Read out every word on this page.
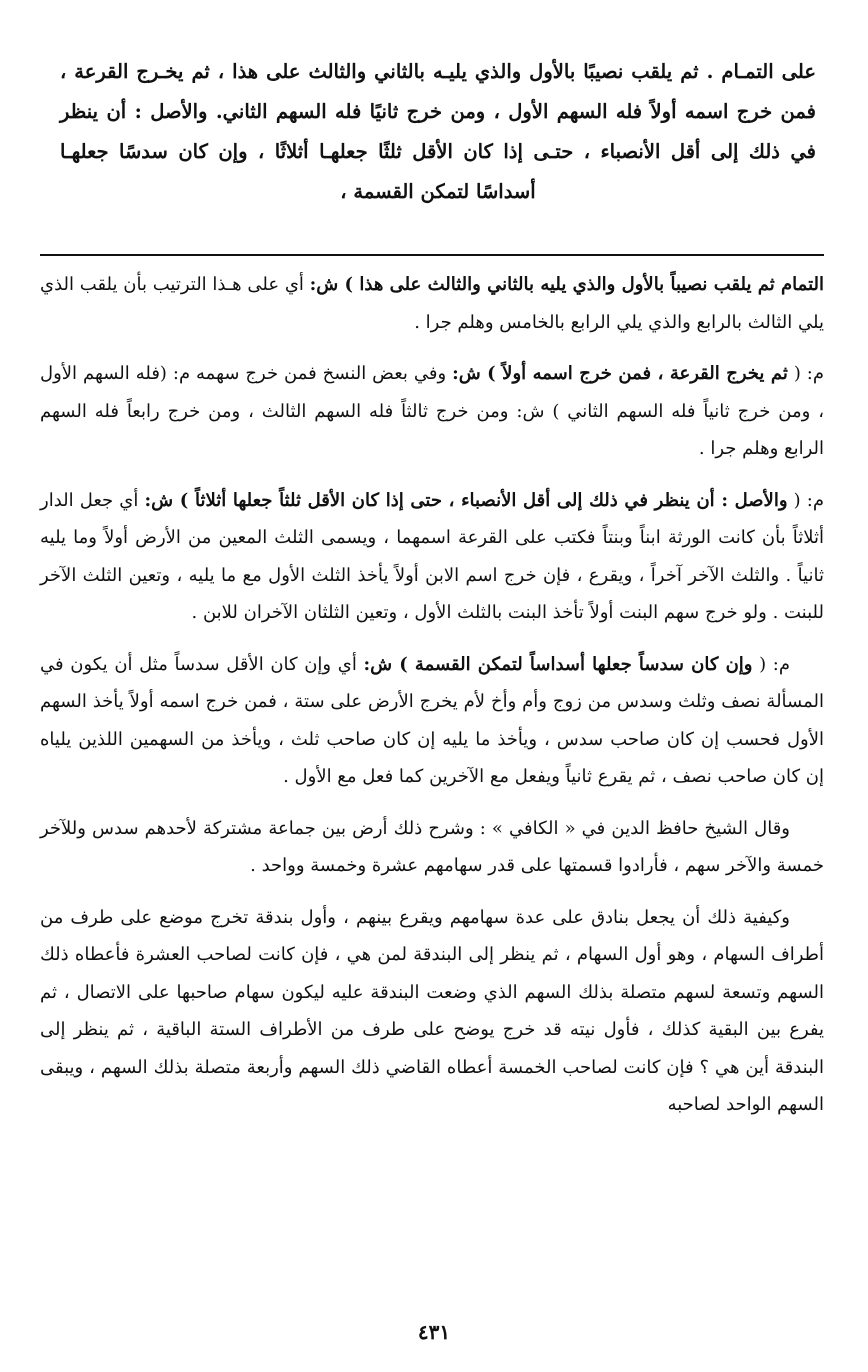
على التمـام . ثم يلقب نصيبًا بالأول والذي يليـه بالثاني والثالث على هذا ، ثم يخـرج القرعة ، فمن خرج اسمه أولاً فله السهم الأول ، ومن خرج ثانيًا فله السهم الثاني. والأصل : أن ينظر في ذلك إلى أقل الأنصباء ، حتـى إذا كان الأقل ثلثًا جعلهـا أثلاثًا ، وإن كان سدسًا جعلهـا أسداسًا لتمكن القسمة ،

التمام ثم يلقب نصيباً بالأول والذي يليه بالثاني والثالث على هذا ) ش: أي على هـذا الترتيب بأن يلقب الذي يلي الثالث بالرابع والذي يلي الرابع بالخامس وهلم جرا .

م: ( ثم يخرج القرعة ، فمن خرج اسمه أولاً ) ش: وفي بعض النسخ فمن خرج سهمه م: (فله السهم الأول ، ومن خرج ثانياً فله السهم الثاني ) ش: ومن خرج ثالثاً فله السهم الثالث ، ومن خرج رابعاً فله السهم الرابع وهلم جرا .

م: ( والأصل : أن ينظر في ذلك إلى أقل الأنصباء ، حتى إذا كان الأقل ثلثاً جعلها أثلاثاً ) ش: أي جعل الدار أثلاثاً بأن كانت الورثة ابناً وبنتاً فكتب على القرعة اسمهما ، ويسمى الثلث المعين من الأرض أولاً وما يليه ثانياً . والثلث الآخر آخراً ، ويقرع ، فإن خرج اسم الابن أولاً يأخذ الثلث الأول مع ما يليه ، وتعين الثلث الآخر للبنت . ولو خرج سهم البنت أولاً تأخذ البنت بالثلث الأول ، وتعين الثلثان الآخران للابن .

م: ( وإن كان سدساً جعلها أسداساً لتمكن القسمة ) ش: أي وإن كان الأقل سدساً مثل أن يكون في المسألة نصف وثلث وسدس من زوج وأم وأخ لأم يخرج الأرض على ستة ، فمن خرج اسمه أولاً يأخذ السهم الأول فحسب إن كان صاحب سدس ، ويأخذ ما يليه إن كان صاحب ثلث ، ويأخذ من السهمين اللذين يلياه إن كان صاحب نصف ، ثم يقرع ثانياً ويفعل مع الآخرين كما فعل مع الأول .

وقال الشيخ حافظ الدين في « الكافي » : وشرح ذلك أرض بين جماعة مشتركة لأحدهم سدس وللآخر خمسة والآخر سهم ، فأرادوا قسمتها على قدر سهامهم عشرة وخمسة وواحد .

وكيفية ذلك أن يجعل بنادق على عدة سهامهم ويقرع بينهم ، وأول بندقة تخرج موضع على طرف من أطراف السهام ، وهو أول السهام ، ثم ينظر إلى البندقة لمن هي ، فإن كانت لصاحب العشرة فأعطاه ذلك السهم وتسعة لسهم متصلة بذلك السهم الذي وضعت البندقة عليه ليكون سهام صاحبها على الاتصال ، ثم يفرع بين البقية كذلك ، فأول نيته قد خرج يوضح على طرف من الأطراف الستة الباقية ، ثم ينظر إلى البندقة أين هي ؟ فإن كانت لصاحب الخمسة أعطاه القاضي ذلك السهم وأربعة متصلة بذلك السهم ، ويبقى السهم الواحد لصاحبه

٤٣١
